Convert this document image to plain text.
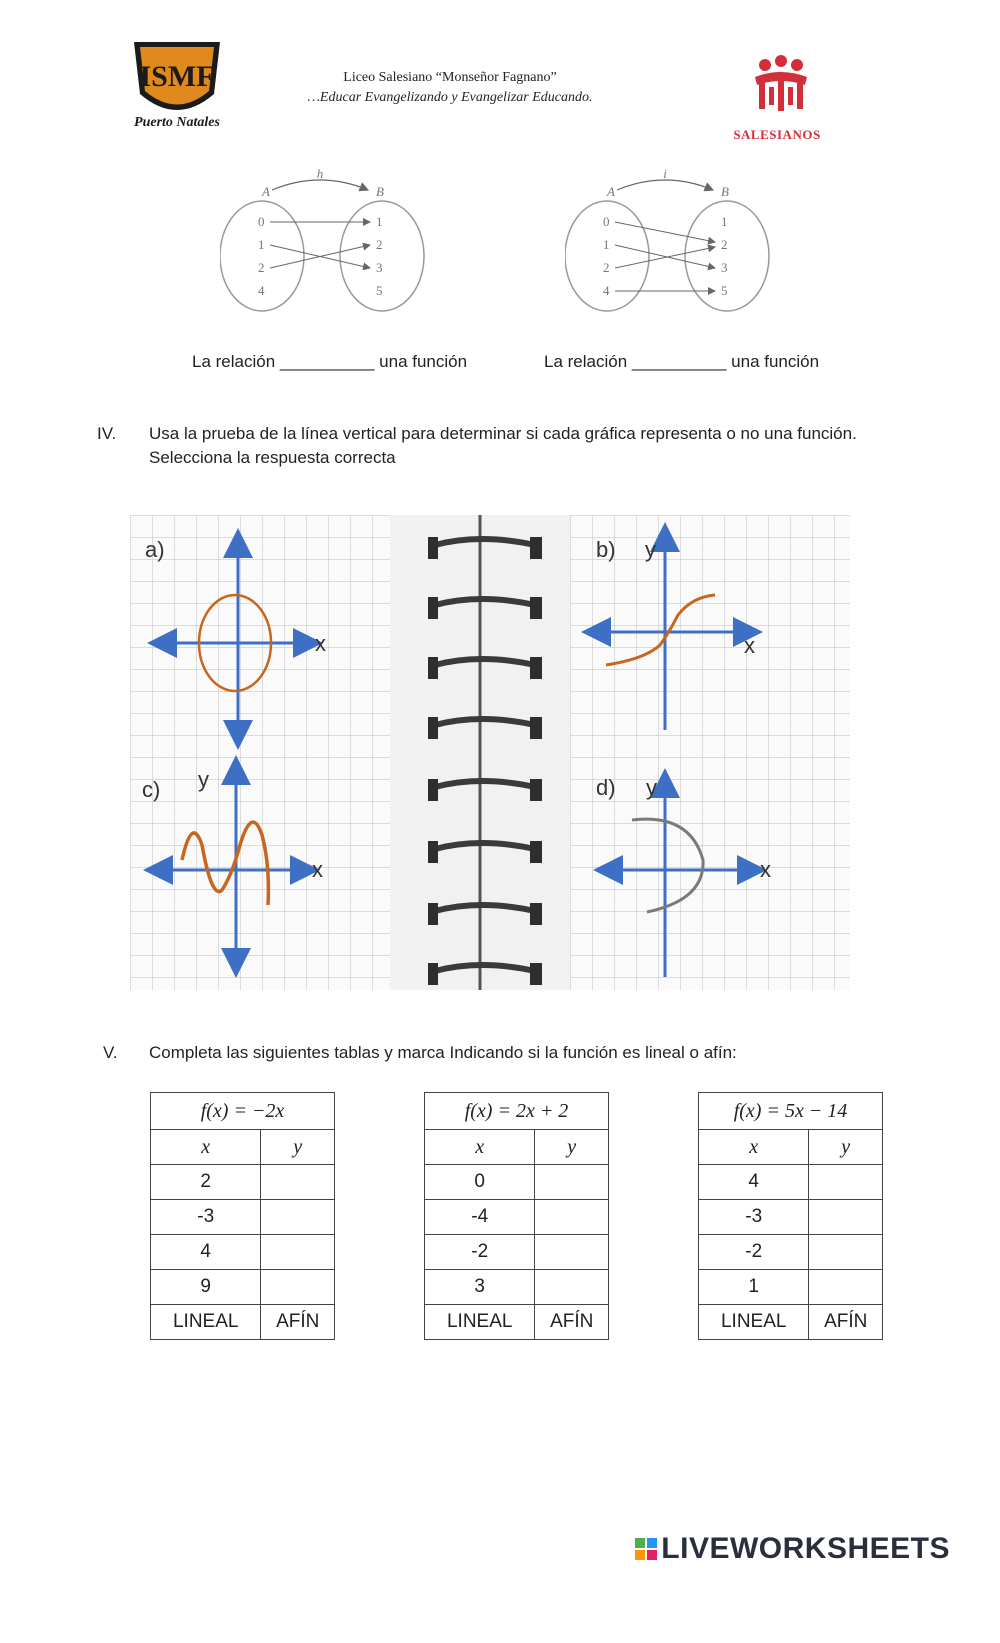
ISMF
Puerto Natales
Liceo Salesiano “Monseñor Fagnano”
…Educar Evangelizando y Evangelizar Educando.
SALESIANOS
h
A	B
0
1
2
4
1
2
3
5
i
A	B
0
1
2
4
1
2
3
5
La relación __________ una función	La relación __________ una función
IV. Usa la prueba de la línea vertical para determinar si cada gráfica representa o no una función. Selecciona la respuesta correcta
a)
x
b) y
x
c) y
x
d) y
x
V. Completa las siguientes tablas y marca Indicando si la función es lineal o afín:
f(x) = −2x	
x	y
2	
-3	
4	
9	
LINEAL	AFÍN
f(x) = 2x + 2	
x	y
0	
-4	
-2	
3	
LINEAL	AFÍN
f(x) = 5x − 14	
x	y
4	
-3	
-2	
1	
LINEAL	AFÍN
LIVEWORKSHEETS
